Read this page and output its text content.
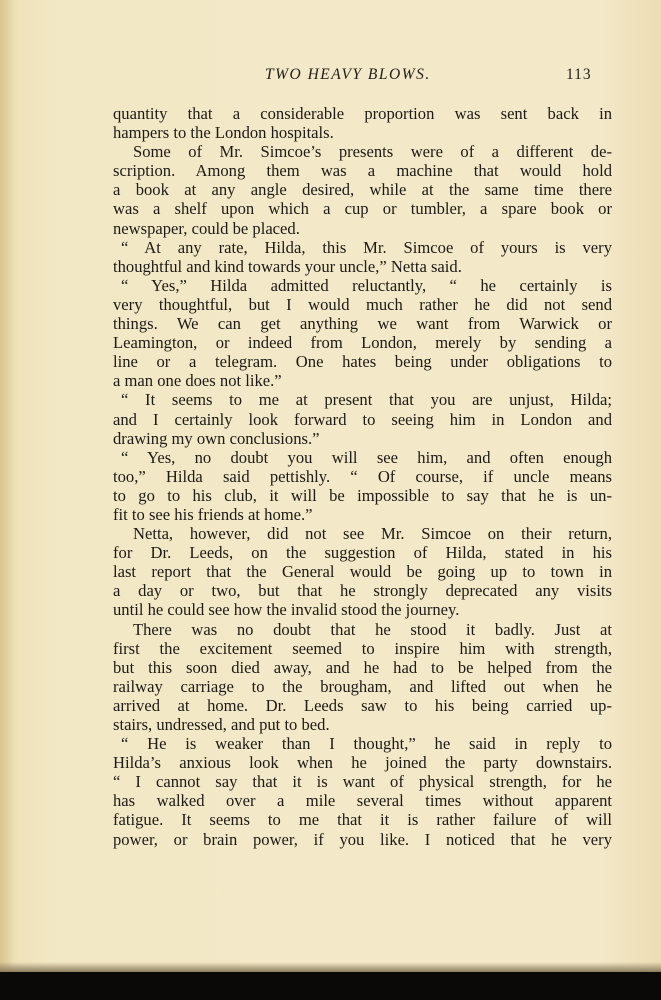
TWO HEAVY BLOWS.	113
quantity that a considerable proportion was sent back in
hampers to the London hospitals.
Some of Mr. Simcoe’s presents were of a different de-
scription. Among them was a machine that would hold
a book at any angle desired, while at the same time there
was a shelf upon which a cup or tumbler, a spare book or
newspaper, could be placed.
“ At any rate, Hilda, this Mr. Simcoe of yours is very
thoughtful and kind towards your uncle,” Netta said.
“ Yes,” Hilda admitted reluctantly, “ he certainly is
very thoughtful, but I would much rather he did not send
things. We can get anything we want from Warwick or
Leamington, or indeed from London, merely by sending a
line or a telegram. One hates being under obligations to
a man one does not like.”
“ It seems to me at present that you are unjust, Hilda;
and I certainly look forward to seeing him in London and
drawing my own conclusions.”
“ Yes, no doubt you will see him, and often enough
too,” Hilda said pettishly. “ Of course, if uncle means
to go to his club, it will be impossible to say that he is un-
fit to see his friends at home.”
Netta, however, did not see Mr. Simcoe on their return,
for Dr. Leeds, on the suggestion of Hilda, stated in his
last report that the General would be going up to town in
a day or two, but that he strongly deprecated any visits
until he could see how the invalid stood the journey.
There was no doubt that he stood it badly. Just at
first the excitement seemed to inspire him with strength,
but this soon died away, and he had to be helped from the
railway carriage to the brougham, and lifted out when he
arrived at home. Dr. Leeds saw to his being carried up-
stairs, undressed, and put to bed.
“ He is weaker than I thought,” he said in reply to
Hilda’s anxious look when he joined the party downstairs.
“ I cannot say that it is want of physical strength, for he
has walked over a mile several times without apparent
fatigue. It seems to me that it is rather failure of will
power, or brain power, if you like. I noticed that he very
